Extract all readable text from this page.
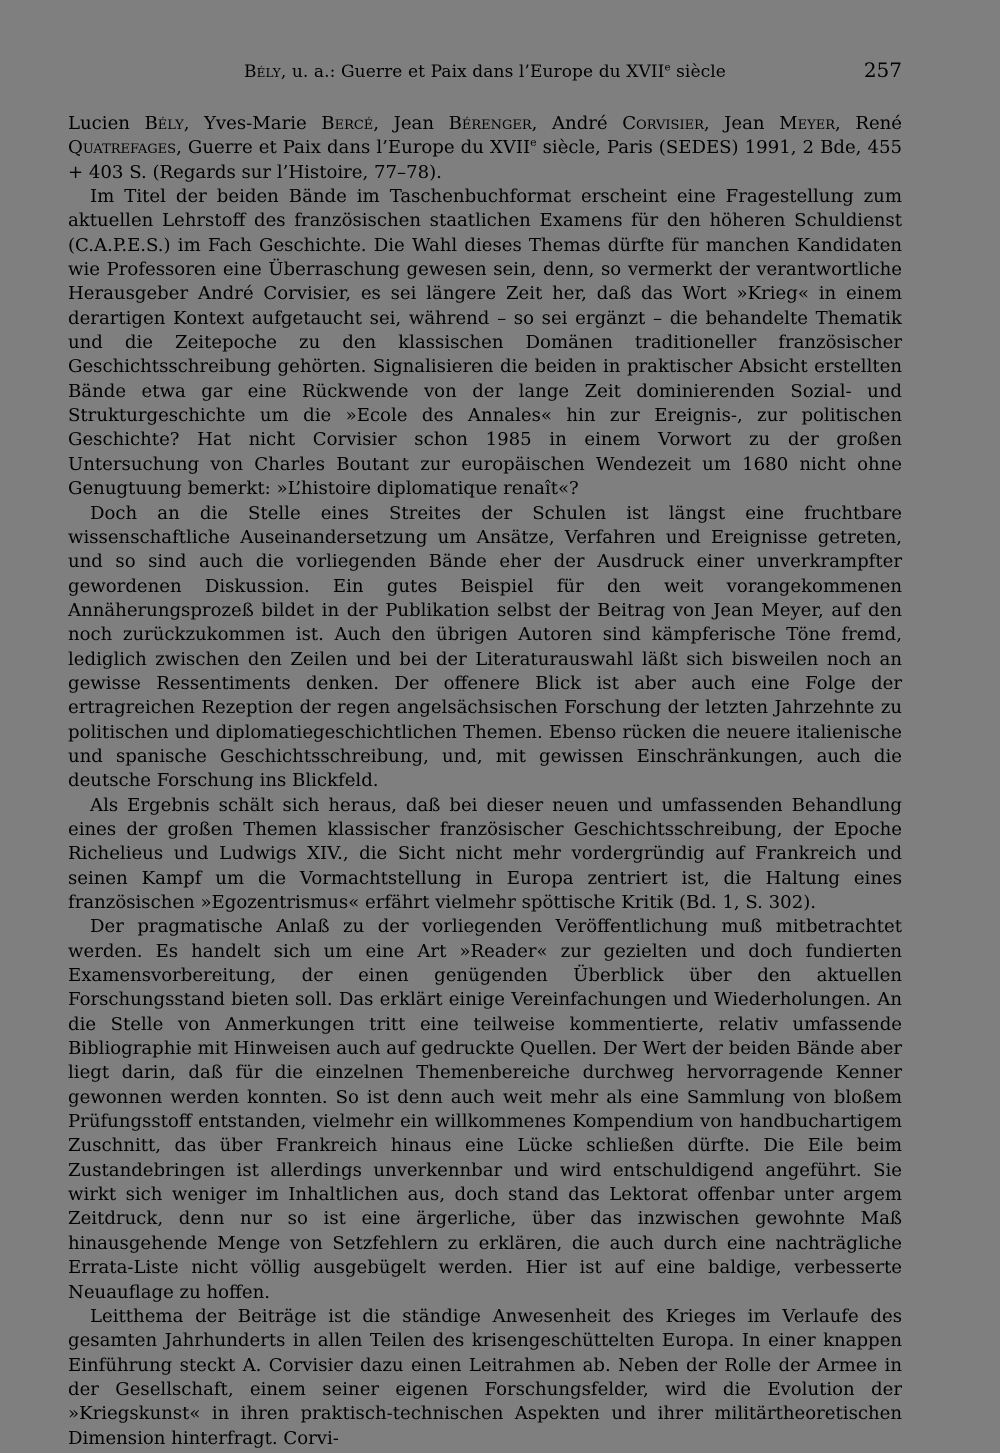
Bély, u. a.: Guerre et Paix dans l’Europe du XVIIe siècle	257

Lucien Bély, Yves-Marie Bercé, Jean Bérenger, André Corvisier, Jean Meyer, René Quatrefages, Guerre et Paix dans l’Europe du XVIIe siècle, Paris (SEDES) 1991, 2 Bde, 455 + 403 S. (Regards sur l’Histoire, 77–78).

Im Titel der beiden Bände im Taschenbuchformat erscheint eine Fragestellung zum aktuellen Lehrstoff des französischen staatlichen Examens für den höheren Schuldienst (C.A.P.E.S.) im Fach Geschichte. Die Wahl dieses Themas dürfte für manchen Kandidaten wie Professoren eine Überraschung gewesen sein, denn, so vermerkt der verantwortliche Herausgeber André Corvisier, es sei längere Zeit her, daß das Wort »Krieg« in einem derartigen Kontext aufgetaucht sei, während – so sei ergänzt – die behandelte Thematik und die Zeitepoche zu den klassischen Domänen traditioneller französischer Geschichtsschreibung gehörten. Signalisieren die beiden in praktischer Absicht erstellten Bände etwa gar eine Rückwende von der lange Zeit dominierenden Sozial- und Strukturgeschichte um die »Ecole des Annales« hin zur Ereignis-, zur politischen Geschichte? Hat nicht Corvisier schon 1985 in einem Vorwort zu der großen Untersuchung von Charles Boutant zur europäischen Wendezeit um 1680 nicht ohne Genugtuung bemerkt: »L’histoire diplomatique renaît«?

Doch an die Stelle eines Streites der Schulen ist längst eine fruchtbare wissenschaftliche Auseinandersetzung um Ansätze, Verfahren und Ereignisse getreten, und so sind auch die vorliegenden Bände eher der Ausdruck einer unverkrampfter gewordenen Diskussion. Ein gutes Beispiel für den weit vorangekommenen Annäherungsprozeß bildet in der Publikation selbst der Beitrag von Jean Meyer, auf den noch zurückzukommen ist. Auch den übrigen Autoren sind kämpferische Töne fremd, lediglich zwischen den Zeilen und bei der Literaturauswahl läßt sich bisweilen noch an gewisse Ressentiments denken. Der offenere Blick ist aber auch eine Folge der ertragreichen Rezeption der regen angelsächsischen Forschung der letzten Jahrzehnte zu politischen und diplomatiegeschichtlichen Themen. Ebenso rücken die neuere italienische und spanische Geschichtsschreibung, und, mit gewissen Einschränkungen, auch die deutsche Forschung ins Blickfeld.

Als Ergebnis schält sich heraus, daß bei dieser neuen und umfassenden Behandlung eines der großen Themen klassischer französischer Geschichtsschreibung, der Epoche Richelieus und Ludwigs XIV., die Sicht nicht mehr vordergründig auf Frankreich und seinen Kampf um die Vormachtstellung in Europa zentriert ist, die Haltung eines französischen »Egozentrismus« erfährt vielmehr spöttische Kritik (Bd. 1, S. 302).

Der pragmatische Anlaß zu der vorliegenden Veröffentlichung muß mitbetrachtet werden. Es handelt sich um eine Art »Reader« zur gezielten und doch fundierten Examensvorbereitung, der einen genügenden Überblick über den aktuellen Forschungsstand bieten soll. Das erklärt einige Vereinfachungen und Wiederholungen. An die Stelle von Anmerkungen tritt eine teilweise kommentierte, relativ umfassende Bibliographie mit Hinweisen auch auf gedruckte Quellen. Der Wert der beiden Bände aber liegt darin, daß für die einzelnen Themenbereiche durchweg hervorragende Kenner gewonnen werden konnten. So ist denn auch weit mehr als eine Sammlung von bloßem Prüfungsstoff entstanden, vielmehr ein willkommenes Kompendium von handbuchartigem Zuschnitt, das über Frankreich hinaus eine Lücke schließen dürfte. Die Eile beim Zustandebringen ist allerdings unverkennbar und wird entschuldigend angeführt. Sie wirkt sich weniger im Inhaltlichen aus, doch stand das Lektorat offenbar unter argem Zeitdruck, denn nur so ist eine ärgerliche, über das inzwischen gewohnte Maß hinausgehende Menge von Setzfehlern zu erklären, die auch durch eine nachträgliche Errata-Liste nicht völlig ausgebügelt werden. Hier ist auf eine baldige, verbesserte Neuauflage zu hoffen.

Leitthema der Beiträge ist die ständige Anwesenheit des Krieges im Verlaufe des gesamten Jahrhunderts in allen Teilen des krisengeschüttelten Europa. In einer knappen Einführung steckt A. Corvisier dazu einen Leitrahmen ab. Neben der Rolle der Armee in der Gesellschaft, einem seiner eigenen Forschungsfelder, wird die Evolution der »Kriegskunst« in ihren praktisch-technischen Aspekten und ihrer militärtheoretischen Dimension hinterfragt. Corvi-
